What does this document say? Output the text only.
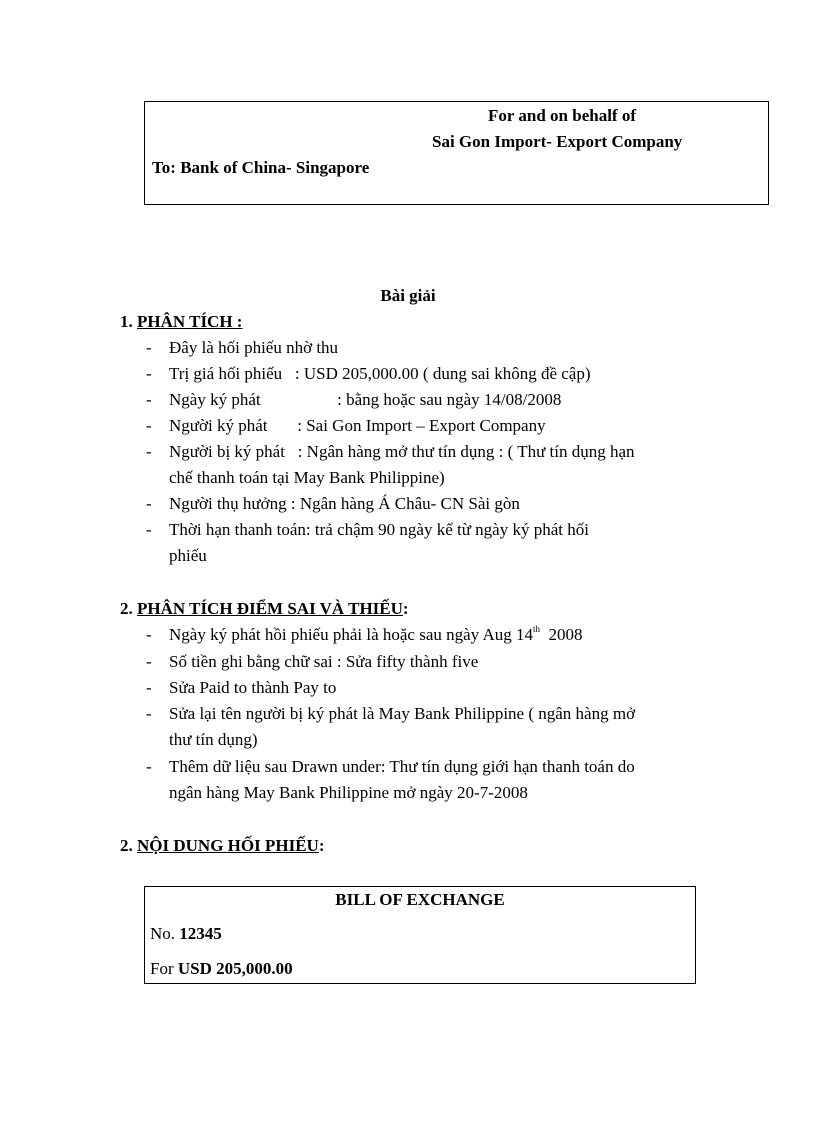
For and on behalf of
Sai Gon Import- Export Company
To: Bank of China- Singapore
Bài giải
1. PHÂN TÍCH :
- Đây là hối phiếu nhờ thu
- Trị giá hối phiếu   : USD 205,000.00 ( dung sai không đề cập)
- Ngày ký phát                  : bằng hoặc sau ngày 14/08/2008
- Người ký phát       : Sai Gon Import – Export Company
- Người bị ký phát   : Ngân hàng mở thư tín dụng : ( Thư tín dụng hạn
chế thanh toán tại May Bank Philippine)
- Người thụ hưởng : Ngân hàng Á Châu- CN Sài gòn
- Thời hạn thanh toán: trả chậm 90 ngày kể từ ngày ký phát hối
phiếu
2. PHÂN TÍCH ĐIỂM SAI VÀ THIẾU:
- Ngày ký phát hồi phiếu phải là hoặc sau ngày Aug 14th  2008
- Số tiền ghi bằng chữ sai : Sửa fifty thành five
- Sửa Paid to thành Pay to
- Sửa lại tên người bị ký phát là May Bank Philippine ( ngân hàng mở
thư tín dụng)
- Thêm dữ liệu sau Drawn under: Thư tín dụng giới hạn thanh toán do
ngân hàng May Bank Philippine mở ngày 20-7-2008
2. NỘI DUNG HỐI PHIẾU:
BILL OF EXCHANGE
No. 12345
For USD 205,000.00
